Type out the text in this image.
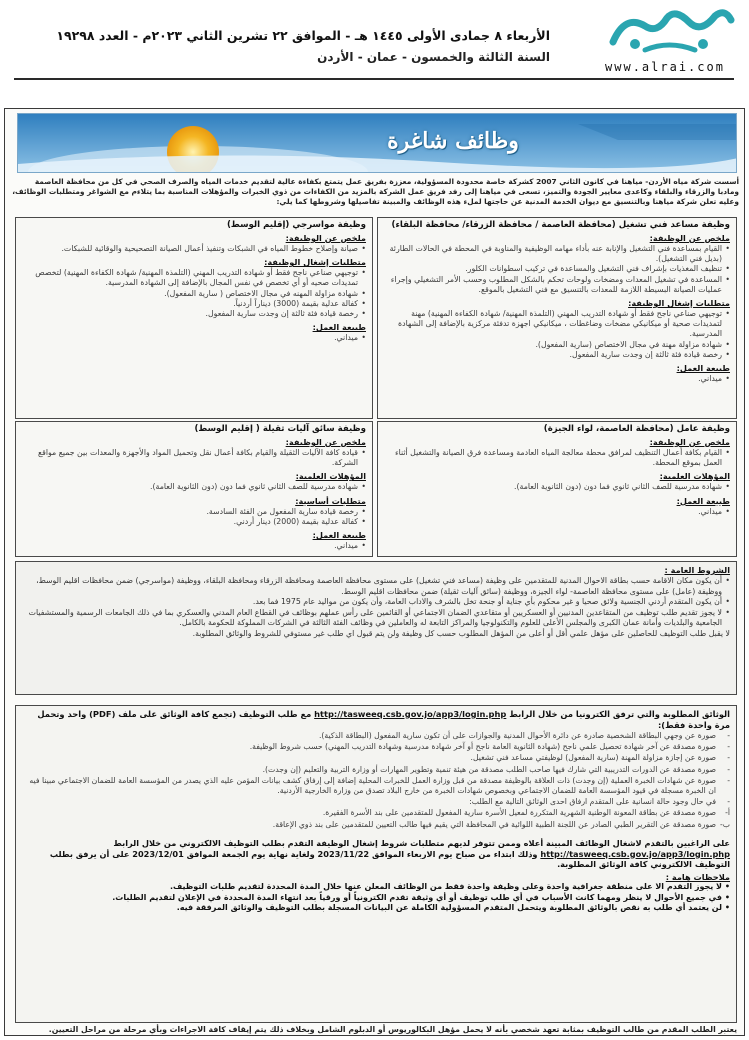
www.alrai.com
الأربعاء ٨ جمادى الأولى ١٤٤٥ هـ - الموافق ٢٢ تشرين الثاني ٢٠٢٣م - العدد ١٩٢٩٨
السنة الثالثة والخمسون - عمان - الأردن
وظائف شاغرة
أسست شركة مياه الأردن- مياهنا في كانون الثاني 2007 كشركة خاصة محدودة المسؤولية، معززة بفريق عمل يتمتع بكفاءة عالية لتقديم خدمات المياه والصرف الصحي في كل من محافظة العاصمة ومادبا والزرقاء والبلقاء وكاعدى معايير الجودة والتميز، تسعى في مياهنا إلى رفد فريق عمل الشركة بالمزيد من الكفاءات من ذوي الخبرات والمؤهلات المناسبة بما يتلاءم مع الشواغر ومتطلبات الوظائف، وعليه تعلن شركة مياهنا وبالتنسيق مع ديوان الخدمة المدنية عن حاجتها لملء هذه الوظائف والمبينة تفاصيلها وشروطها كما يلي:
وظيفة مساعد فني تشغيل (محافظة العاصمة / محافظة الزرقاء/ محافظة البلقاء)
ملخص عن الوظيفة:
• القيام بمساعدة فني التشغيل والإنابة عنه بأداء مهامه الوظيفية والمناوبة في المحطة في الحالات الطارئة (بديل فني التشغيل).
• تنظيف المغذيات بإشراف فني التشغيل والمساعدة في تركيب اسطوانات الكلور.
• المساعدة في تشغيل المعدات ومضخات ولوحات تحكم بالشكل المطلوب وحسب الأمر التشغيلي وإجراء عمليات الصيانة البسيطة اللازمة للمعدات بالتنسيق مع فني التشغيل بالموقع.
متطلبات إشغال الوظيفة:
• توجيهي صناعي ناجح فقط أو شهادة التدريب المهني (التلمذة المهنية/ شهادة الكفاءة المهنية) مهنة لتمديدات صحية أو ميكانيكي مضخات وضاغطات ، ميكانيكي اجهزة تدفئة مركزية بالإضافة إلى الشهادة المدرسية.
• شهادة مزاولة مهنة في مجال الاختصاص (سارية المفعول).
• رخصة قيادة فئة ثالثة إن وجدت سارية المفعول.
طبيعة العمل:
• ميداني.
وظيفة مواسرجي (إقليم الوسط)
ملخص عن الوظيفة:
• صيانة وإصلاح خطوط المياه في الشبكات وتنفيذ أعمال الصيانة التصحيحية والوقائية للشبكات.
متطلبات إشغال الوظيفة:
• توجيهي صناعي ناجح فقط أو شهادة التدريب المهني (التلمذة المهنية/ شهادة الكفاءة المهنية) لتخصص تمديدات صحيه أو أي تخصص في نفس المجال بالإضافة إلى الشهادة المدرسية.
• شهادة مزاولة المهنه في مجال الاختصاص ( سارية المفعول).
• كفالة عدلية بقيمة (3000) ديناراً أردنياً.
• رخصة قيادة فئة ثالثة إن وجدت سارية المفعول.
طبيعة العمل:
• ميداني.
وظيفة عامل (محافظة العاصمة، لواء الجيزة)
ملخص عن الوظيفة:
• القيام بكافة أعمال التنظيف لمرافق محطة معالجة المياه العادمة ومساعدة فرق الصيانة والتشغيل أثناء العمل بموقع المحطة.
المؤهلات العلمية:
• شهادة مدرسية للصف الثاني ثانوي فما دون (دون الثانوية العامة).
طبيعة العمل:
• ميداني.
وظيفة سائق آليات ثقيلة ( إقليم الوسط)
ملخص عن الوظيفة:
• قيادة كافة الآليات الثقيلة والقيام بكافة أعمال نقل وتحميل المواد والأجهزة والمعدات بين جميع مواقع الشركة.
المؤهلات العلمية:
• شهادة مدرسية للصف الثاني ثانوي فما دون (دون الثانوية العامة).
متطلبات أساسية:
• رخصة قيادة سارية المفعول من الفئة السادسة.
• كفالة عدلية بقيمة (2000) دينار أردني.
طبيعة العمل:
• ميداني.
الشروط العامة :
• أن يكون مكان الاقامة حسب بطاقة الاحوال المدنية للمتقدمين على وظيفة (مساعد فني تشغيل) على مستوى محافظة العاصمة ومحافظة الزرقاء ومحافظة البلقاء، ووظيفة (مواسرجي) ضمن محافظات اقليم الوسط، ووظيفة (عامل) على مستوى محافظة العاصمة- لواء الجيزة، ووظيفة (سائق آليات ثقيلة) ضمن محافظات اقليم الوسط.
• أن يكون المتقدم أردني الجنسية ولائق صحيا و غير محكوم بأي جناية أو جنحة تخل بالشرف والاداب العامة، وأن يكون من مواليد عام 1975 فما بعد.
• لا يجوز تقديم طلب توظيف من المتقاعدين المدنيين أو العسكريين أو متقاعدي الضمان الاجتماعي أو القائمين على رأس عملهم بوظائف في القطاع العام المدني والعسكري بما في ذلك الجامعات الرسمية والمستشفيات الجامعية والبلديات وأمانة عمان الكبرى والمجلس الأعلى للعلوم والتكنولوجيا والمراكز التابعة له والعاملين في وظائف الفئة الثالثة في الشركات المملوكة للحكومة بالكامل.
لا يقبل طلب التوظيف للحاصلين على مؤهل علمي أقل أو أعلى من المؤهل المطلوب حسب كل وظيفة ولن يتم قبول اي طلب غير مستوفي للشروط والوثائق المطلوبة.
الوثائق المطلوبة والتي ترفق الكترونيا من خلال الرابط http://tasweeq.csb.gov.jo/app3/login.php مع طلب التوظيف (تجمع كافة الوثائق على ملف (PDF) واحد وتحمل مرة واحدة فقط):
-
صورة عن وجهي البطاقة الشخصية صادرة عن دائرة الأحوال المدنية والجوازات على أن تكون سارية المفعول (البطاقة الذكية).
-
صورة مصدقة عن آخر شهادة تحصيل علمي ناجح (شهادة الثانوية العامة ناجح أو آخر شهادة مدرسية وشهادة التدريب المهني) حسب شروط الوظيفة.
-
صورة عن إجازة مزاولة المهنة (سارية المفعول) لوظيفتي مساعد فني تشغيل.
-
صورة مصدقة عن الدورات التدريبية التي شارك فيها صاحب الطلب مصدقة من هيئة تنمية وتطوير المهارات أو وزارة التربية والتعليم (إن وجدت).
-
صورة عن شهادات الخبرة العملية (إن وجدت) ذات العلاقة بالوظيفة مصدقة من قبل وزارة العمل للخبرات المحلية إضافة إلى إرفاق كشف بيانات المؤمن عليه الذي يصدر من المؤسسة العامة للضمان الاجتماعي مبينا فيه ان الخبرة مسجلة في قيود المؤسسة العامة للضمان الاجتماعي وبخصوص شهادات الخبرة من خارج البلاد تصدق من وزارة الخارجية الأردنية.
-
في حال وجود حالة انسانية على المتقدم ارفاق احدى الوثائق التالية مع الطلب:
أ-
صورة مصدقة عن بطاقة المعونة الوطنية الشهرية المتكررة لمعيل الأسرة سارية المفعول للمتقدمين على بند الأسرة الفقيرة.
ب-
صورة مصدقة عن التقرير الطبي الصادر عن اللجنة الطبية اللوائية في المحافظة التي يقيم فيها طالب التعيين للمتقدمين على بند ذوي الإعاقة.
على الراغبين بالتقدم لاشغال الوظائف المبينة أعلاه وممن تتوفر لديهم متطلبات شروط إشغال الوظيفة التقدم بطلب التوظيف الالكتروني من خلال الرابط http://tasweeq.csb.gov.jo/app3/login.php وذلك ابتداء من صباح يوم الاربعاء الموافق 2023/11/22 ولغاية نهاية يوم الجمعة الموافق 2023/12/01 على أن يرفق بطلب التوظيف الالكتروني كافة الوثائق المطلوبة.
ملاحظات هامة :
• لا يجوز التقدم الا على منطقة جغرافية واحدة وعلى وظيفة واحدة فقط من الوظائف المعلن عنها خلال المدة المحددة لتقديم طلبات التوظيف.
• في جميع الأحوال لا ينظر ومهما كانت الأسباب في أي طلب توظيف أو أي وثيقة تقدم الكترونياً أو ورقياً بعد انتهاء المدة المحددة في الإعلان لتقديم الطلبات.
• لن يعتمد أي طلب به نقص بالوثائق المطلوبة ويتحمل المتقدم المسؤولية الكاملة عن البيانات المسجلة بطلب التوظيف والوثائق المرفقة فيه.
يعتبر الطلب المقدم من طالب التوظيف بمثابة تعهد شخصي بأنه لا يحمل مؤهل البكالوريوس أو الدبلوم الشامل وبخلاف ذلك يتم إيقاف كافة الاجراءات وبأي مرحلة من مراحل التعيين.
